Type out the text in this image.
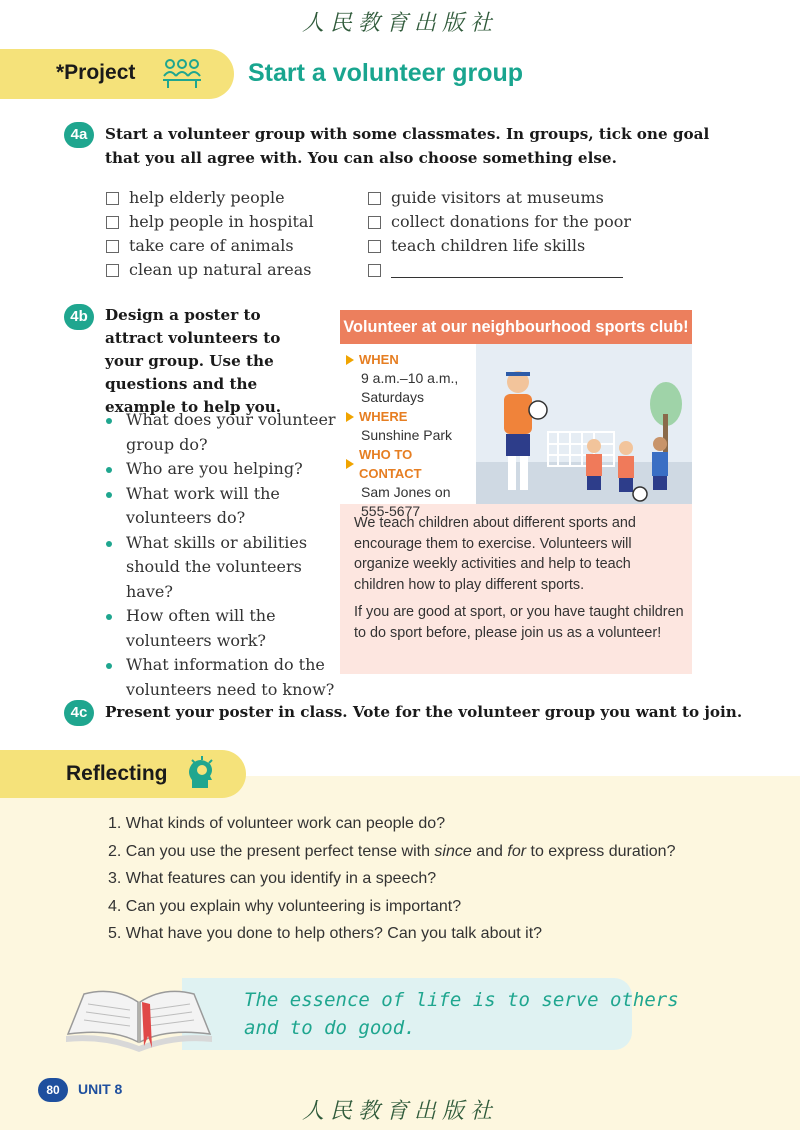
人民教育出版社
*Project	Start a volunteer group
4a	Start a volunteer group with some classmates. In groups, tick one goal that you all agree with. You can also choose something else.
help elderly people
help people in hospital
take care of animals
clean up natural areas
guide visitors at museums
collect donations for the poor
teach children life skills
4b	Design a poster to attract volunteers to your group. Use the questions and the example to help you.
What does your volunteer group do?
Who are you helping?
What work will the volunteers do?
What skills or abilities should the volunteers have?
How often will the volunteers work?
What information do the volunteers need to know?
Volunteer at our neighbourhood sports club!
WHEN
9 a.m.–10 a.m., Saturdays
WHERE
Sunshine Park
WHO TO CONTACT
Sam Jones on 555-5677
We teach children about different sports and encourage them to exercise. Volunteers will organize weekly activities and help to teach children how to play different sports.
If you are good at sport, or you have taught children to do sport before, please join us as a volunteer!
4c	Present your poster in class. Vote for the volunteer group you want to join.
Reflecting
1. What kinds of volunteer work can people do?
2. Can you use the present perfect tense with since and for to express duration?
3. What features can you identify in a speech?
4. Can you explain why volunteering is important?
5. What have you done to help others? Can you talk about it?
The essence of life is to serve others
and to do good.
80	UNIT 8
人民教育出版社
